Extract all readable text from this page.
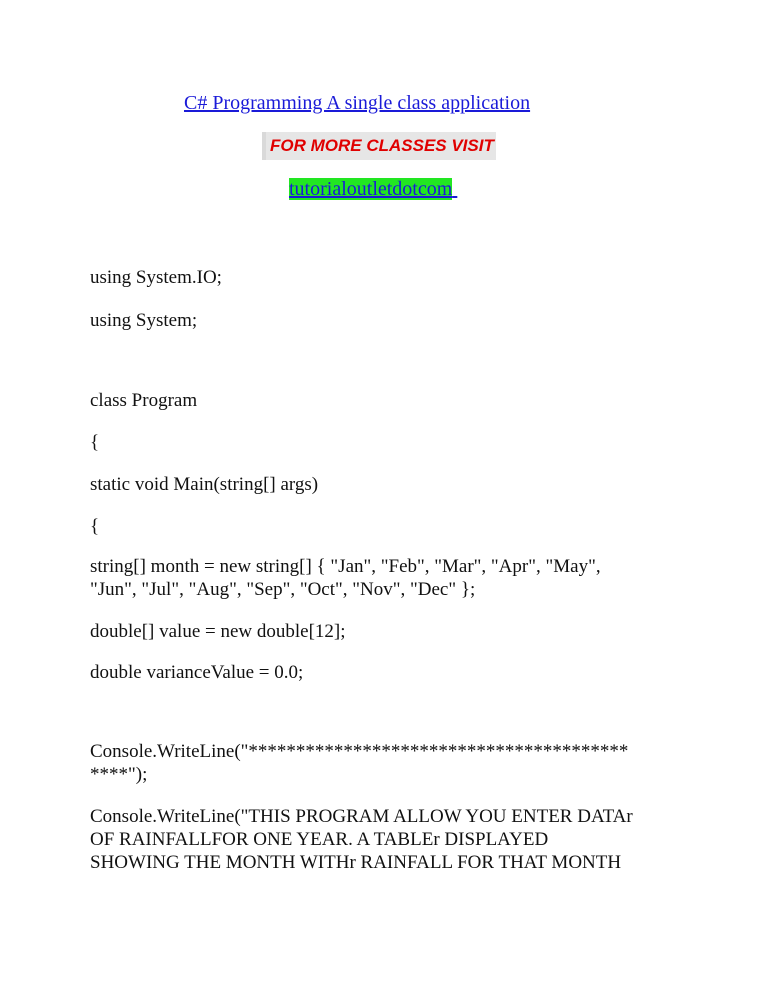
C# Programming A single class application
FOR MORE CLASSES VISIT
tutorialoutletdotcom
using System.IO;
using System;
class Program
{
static void Main(string[] args)
{
string[] month = new string[] { "Jan", "Feb", "Mar", "Apr", "May",
"Jun", "Jul", "Aug", "Sep", "Oct", "Nov", "Dec" };
double[] value = new double[12];
double varianceValue = 0.0;
Console.WriteLine("****************************************
****");
Console.WriteLine("THIS PROGRAM ALLOW YOU ENTER DATAr
OF RAINFALLFOR ONE YEAR. A TABLEr DISPLAYED
SHOWING THE MONTH WITHr RAINFALL FOR THAT MONTH
